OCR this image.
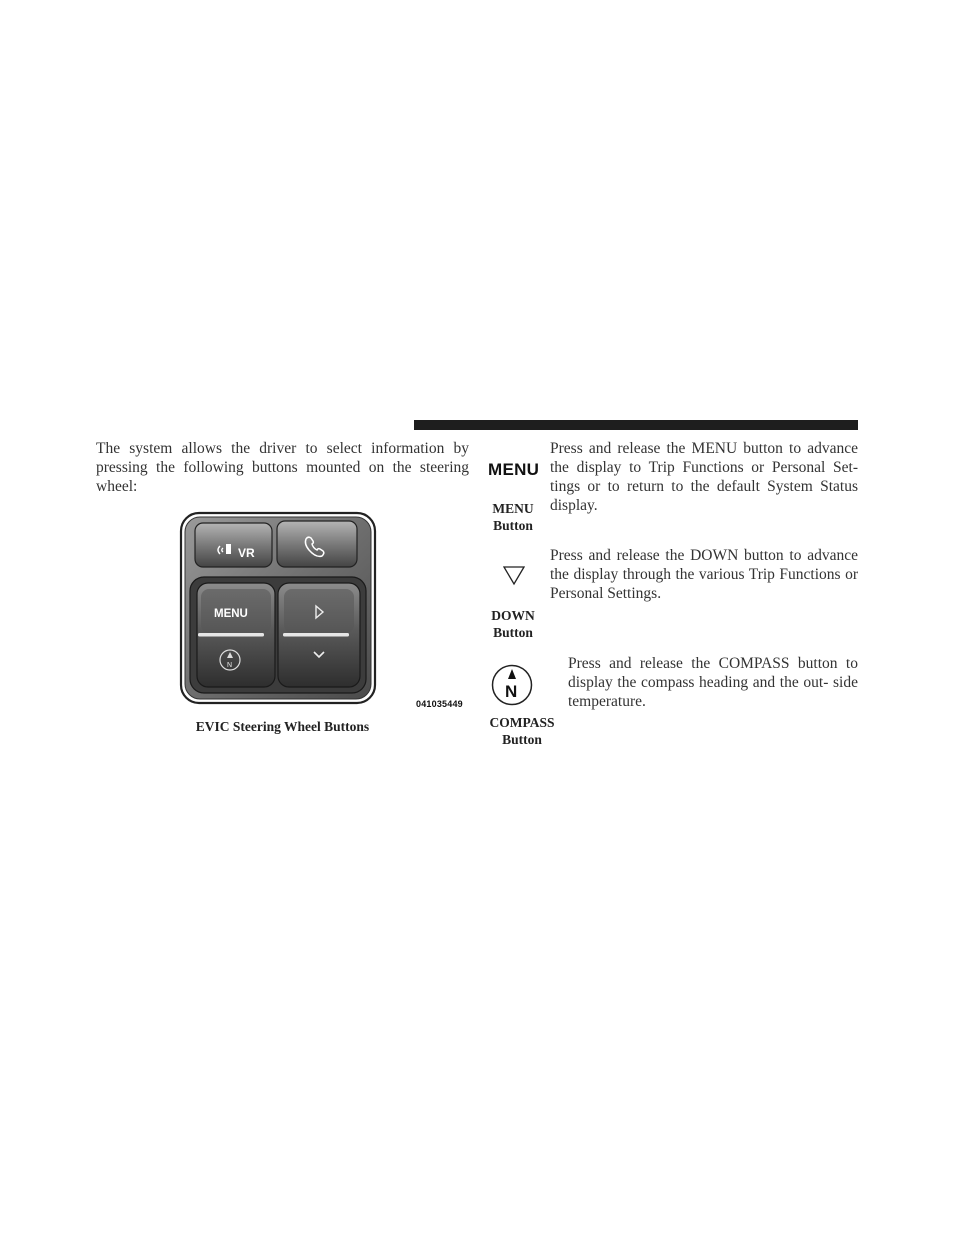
The system allows the driver to select information by pressing the following buttons mounted on the steering wheel:

VR
MENU
N
041035449
EVIC Steering Wheel Buttons
MENU
MENU
Button

Press and release the MENU button to advance the display to Trip Functions or Personal Set- tings or to return to the default System Status display.

DOWN
Button

Press and release the DOWN button to advance the display through the various Trip Functions or Personal Settings.

N
COMPASS
Button

Press and release the COMPASS button to display the compass heading and the out- side temperature.
